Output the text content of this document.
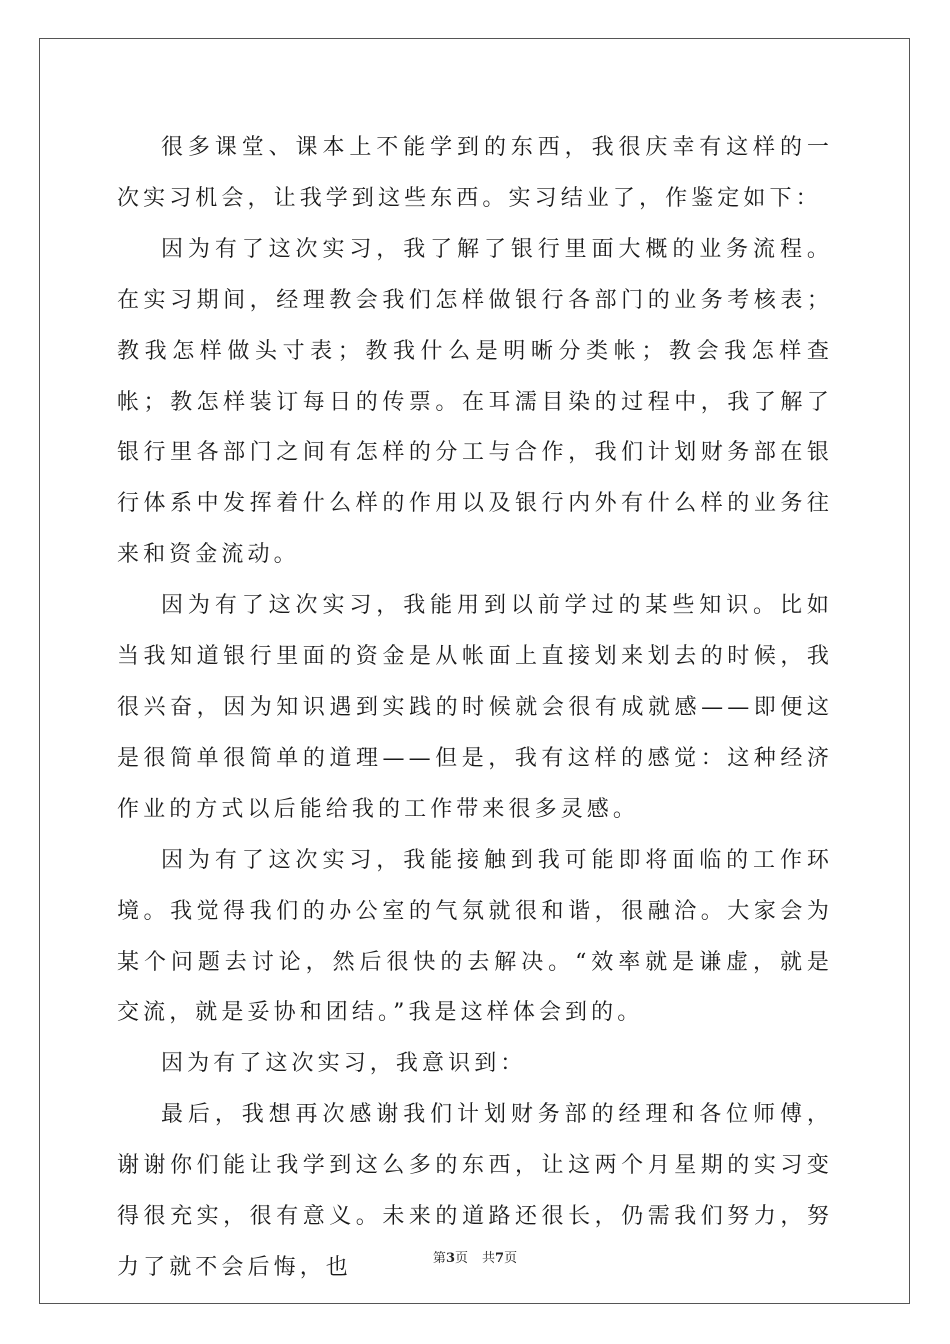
很多课堂、课本上不能学到的东西，我很庆幸有这样的一次实习机会，让我学到这些东西。实习结业了，作鉴定如下：

因为有了这次实习，我了解了银行里面大概的业务流程。在实习期间，经理教会我们怎样做银行各部门的业务考核表；教我怎样做头寸表；教我什么是明晰分类帐；教会我怎样查帐；教怎样装订每日的传票。在耳濡目染的过程中，我了解了银行里各部门之间有怎样的分工与合作，我们计划财务部在银行体系中发挥着什么样的作用以及银行内外有什么样的业务往来和资金流动。

因为有了这次实习，我能用到以前学过的某些知识。比如当我知道银行里面的资金是从帐面上直接划来划去的时候，我很兴奋，因为知识遇到实践的时候就会很有成就感——即便这是很简单很简单的道理——但是，我有这样的感觉：这种经济作业的方式以后能给我的工作带来很多灵感。

因为有了这次实习，我能接触到我可能即将面临的工作环境。我觉得我们的办公室的气氛就很和谐，很融洽。大家会为某个问题去讨论，然后很快的去解决。“效率就是谦虚，就是交流，就是妥协和团结。”我是这样体会到的。

因为有了这次实习，我意识到：

最后，我想再次感谢我们计划财务部的经理和各位师傅，谢谢你们能让我学到这么多的东西，让这两个月星期的实习变得很充实，很有意义。未来的道路还很长，仍需我们努力，努力了就不会后悔，也	第3页 共7页
